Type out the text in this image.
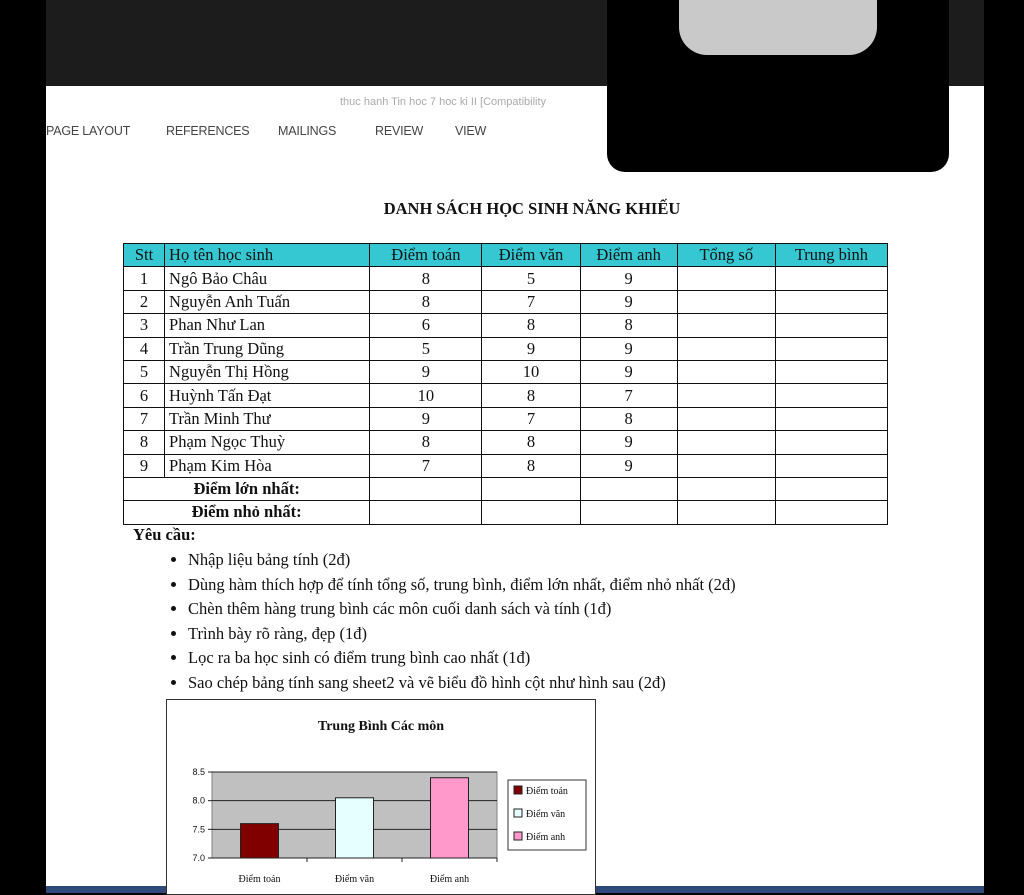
thuc hanh Tin hoc 7 hoc ki II [Compatibility
PAGE LAYOUT	REFERENCES MAILINGS	REVIEW	VIEW
DANH SÁCH HỌC SINH NĂNG KHIẾU
Stt	Họ tên học sinh	Điểm toán	Điểm văn	Điểm anh	Tổng số	Trung bình
1	Ngô Bảo Châu	8	5	9		
2	Nguyễn Anh Tuấn	8	7	9		
3	Phan Như Lan	6	8	8		
4	Trần Trung Dũng	5	9	9		
5	Nguyễn Thị Hồng	9	10	9		
6	Huỳnh Tấn Đạt	10	8	7		
7	Trần Minh Thư	9	7	8		
8	Phạm Ngọc Thuỳ	8	8	9		
9	Phạm Kim Hòa	7	8	9		
Điểm lớn nhất:						
Điểm nhỏ nhất:						
Yêu cầu:
• Nhập liệu bảng tính (2đ)
• Dùng hàm thích hợp để tính tổng số, trung bình, điểm lớn nhất, điểm nhỏ nhất (2đ)
• Chèn thêm hàng trung bình các môn cuối danh sách và tính (1đ)
• Trình bày rõ ràng, đẹp (1đ)
• Lọc ra ba học sinh có điểm trung bình cao nhất (1đ)
• Sao chép bảng tính sang sheet2 và vẽ biểu đồ hình cột như hình sau (2đ)
Trung Bình Các môn
7.0
7.5
8.0
8.5
Điểm toán	Điểm văn	Điểm anh
Điểm toán
Điểm văn
Điểm anh
